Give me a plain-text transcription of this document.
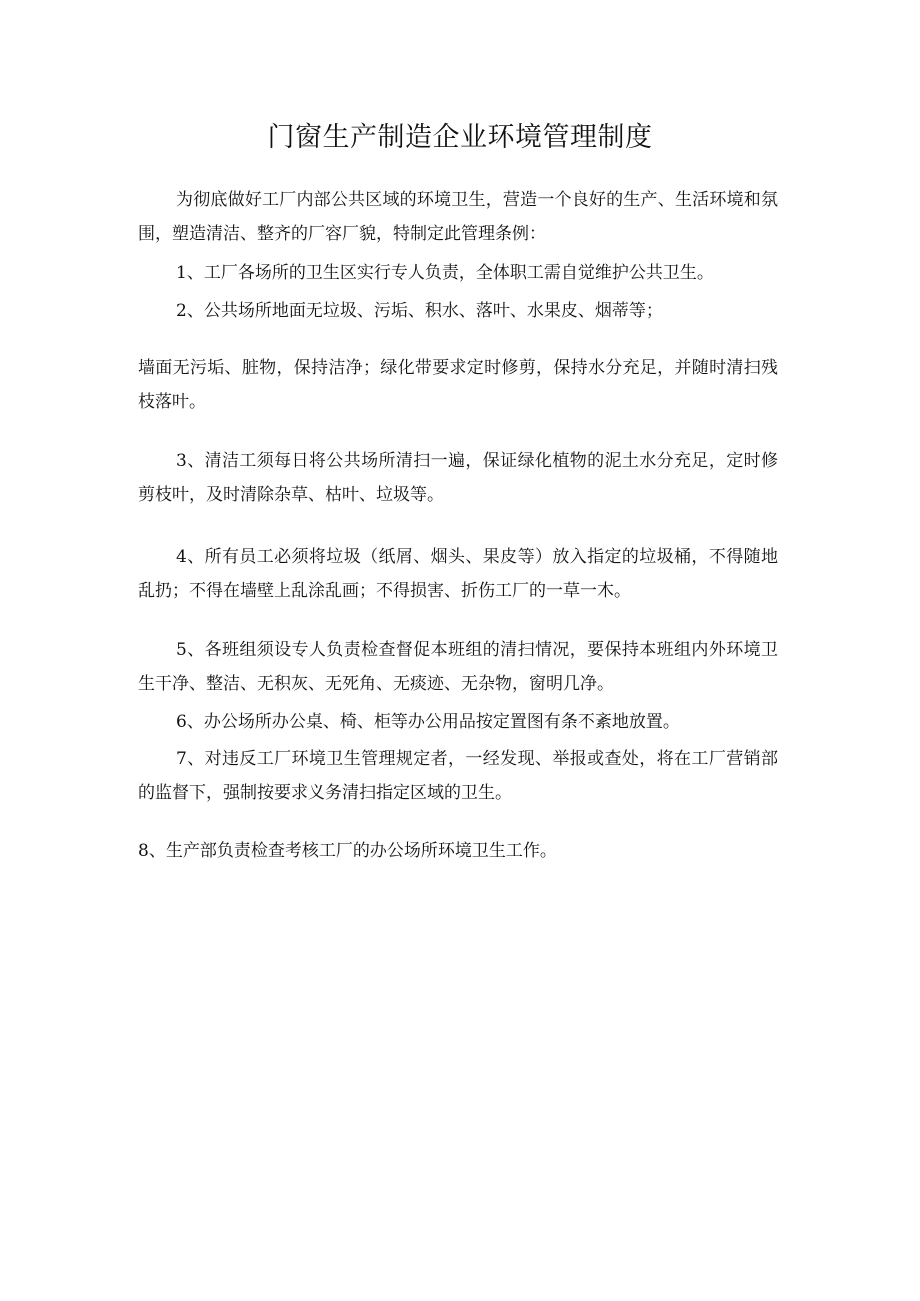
门窗生产制造企业环境管理制度

为彻底做好工厂内部公共区域的环境卫生，营造一个良好的生产、生活环境和氛围，塑造清洁、整齐的厂容厂貌，特制定此管理条例：

1、工厂各场所的卫生区实行专人负责，全体职工需自觉维护公共卫生。

2、公共场所地面无垃圾、污垢、积水、落叶、水果皮、烟蒂等；

墙面无污垢、脏物，保持洁净；绿化带要求定时修剪，保持水分充足，并随时清扫残枝落叶。

3、清洁工须每日将公共场所清扫一遍，保证绿化植物的泥土水分充足，定时修剪枝叶，及时清除杂草、枯叶、垃圾等。

4、所有员工必须将垃圾（纸屑、烟头、果皮等）放入指定的垃圾桶，不得随地乱扔；不得在墙壁上乱涂乱画；不得损害、折伤工厂的一草一木。

5、各班组须设专人负责检查督促本班组的清扫情况，要保持本班组内外环境卫生干净、整洁、无积灰、无死角、无痰迹、无杂物，窗明几净。

6、办公场所办公桌、椅、柜等办公用品按定置图有条不紊地放置。

7、对违反工厂环境卫生管理规定者，一经发现、举报或查处，将在工厂营销部的监督下，强制按要求义务清扫指定区域的卫生。

8、生产部负责检查考核工厂的办公场所环境卫生工作。
